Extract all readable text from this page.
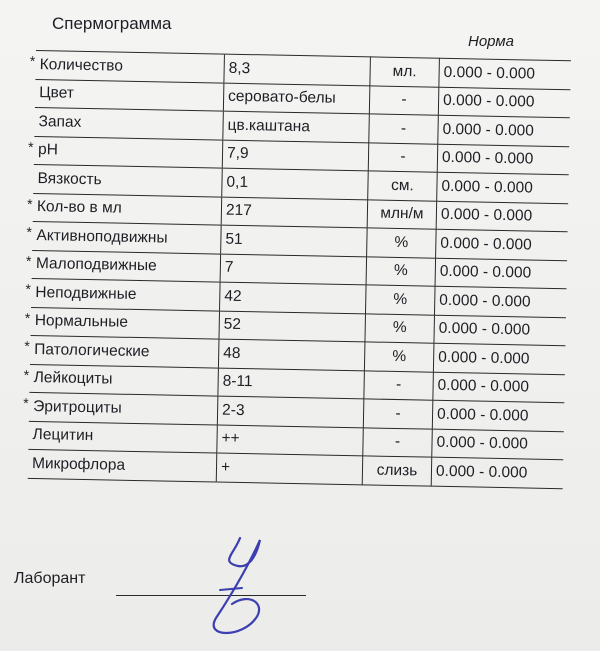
Спермограмма
Норма
* Количество	8,3	мл.	0.000 - 0.000

Цвет	серовато-белы	-	0.000 - 0.000

Запах	цв.каштана	-	0.000 - 0.000

* pH	7,9	-	0.000 - 0.000

Вязкость	0,1	см.	0.000 - 0.000

* Кол-во в мл	217	млн/м	0.000 - 0.000

* Активноподвижны	51	%	0.000 - 0.000

* Малоподвижные	7	%	0.000 - 0.000

* Неподвижные	42	%	0.000 - 0.000

* Нормальные	52	%	0.000 - 0.000

* Патологические	48	%	0.000 - 0.000

* Лейкоциты	8-11	-	0.000 - 0.000

* Эритроциты	2-3	-	0.000 - 0.000

Лецитин	++	-	0.000 - 0.000

Микрофлора	+	слизь	0.000 - 0.000
Лаборант
